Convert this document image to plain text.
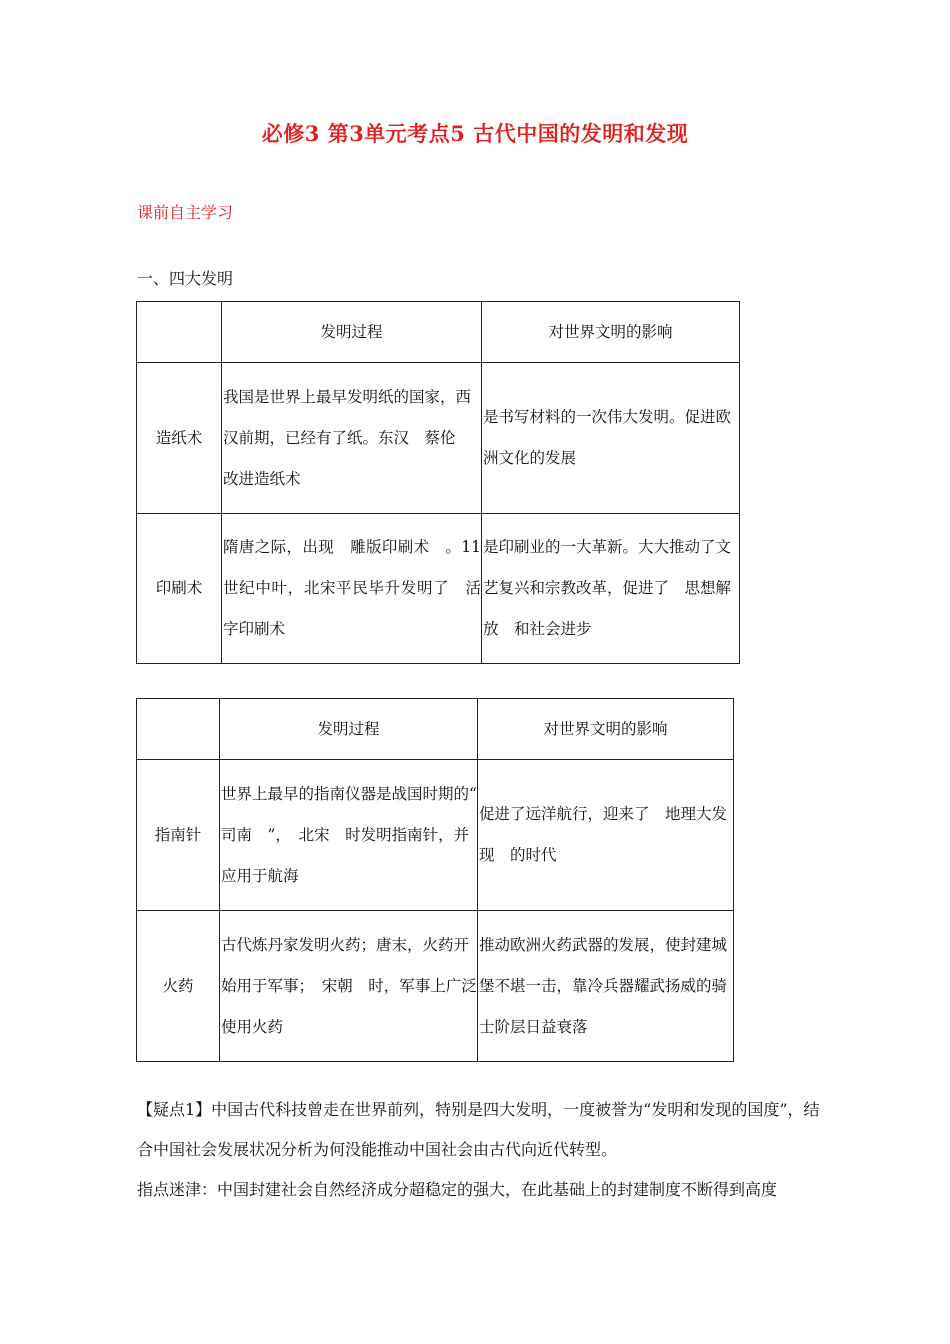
必修3 第3单元考点5 古代中国的发明和发现
课前自主学习
一、四大发明
	发明过程	对世界文明的影响
造纸术	我国是世界上最早发明纸的国家，西汉前期，已经有了纸。东汉　蔡伦　改进造纸术	是书写材料的一次伟大发明。促进欧洲文化的发展
印刷术	隋唐之际，出现　雕版印刷术　。11世纪中叶，北宋平民毕升发明了　活字印刷术	是印刷业的一大革新。大大推动了文艺复兴和宗教改革，促进了　思想解放　和社会进步
	发明过程	对世界文明的影响
指南针	世界上最早的指南仪器是战国时期的“　司南　”，　北宋　时发明指南针，并应用于航海	促进了远洋航行，迎来了　地理大发现　的时代
火药	古代炼丹家发明火药；唐末，火药开始用于军事；　宋朝　时，军事上广泛使用火药	推动欧洲火药武器的发展，使封建城堡不堪一击，靠冷兵器耀武扬威的骑士阶层日益衰落
【疑点1】中国古代科技曾走在世界前列，特别是四大发明，一度被誉为“发明和发现的国度”，结合中国社会发展状况分析为何没能推动中国社会由古代向近代转型。
指点迷津：中国封建社会自然经济成分超稳定的强大，在此基础上的封建制度不断得到高度
